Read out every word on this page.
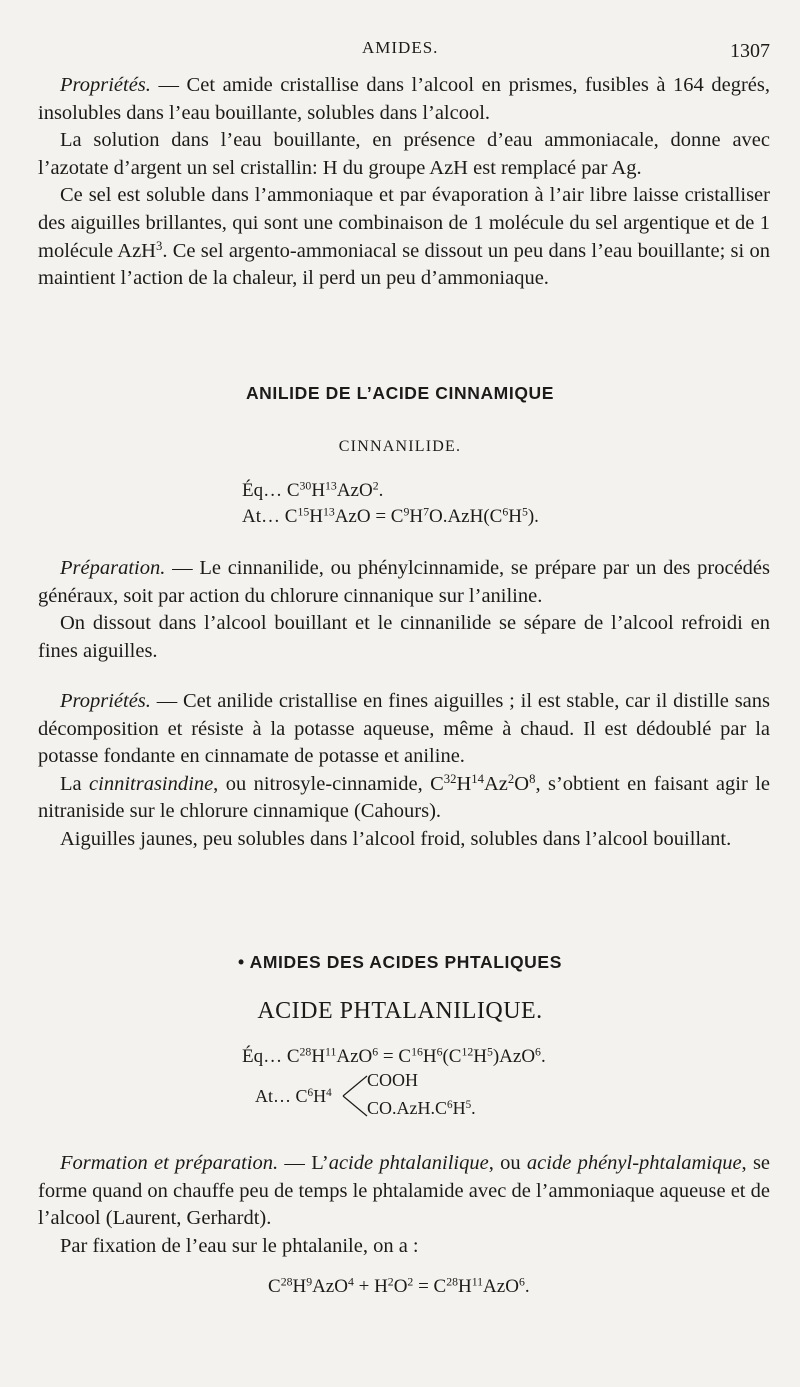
AMIDES.	1307

Propriétés. — Cet amide cristallise dans l’alcool en prismes, fusibles à 164 degrés, insolubles dans l’eau bouillante, solubles dans l’alcool.

La solution dans l’eau bouillante, en présence d’eau ammoniacale, donne avec l’azotate d’argent un sel cristallin: H du groupe AzH est remplacé par Ag.

Ce sel est soluble dans l’ammoniaque et par évaporation à l’air libre laisse cristalliser des aiguilles brillantes, qui sont une combinaison de 1 molécule du sel argentique et de 1 molécule AzH$^3$. Ce sel argento-ammoniacal se dissout un peu dans l’eau bouillante; si on maintient l’action de la chaleur, il perd un peu d’ammoniaque.

ANILIDE DE L’ACIDE CINNAMIQUE
CINNANILIDE.
Éq… $C^{30}H^{13}AzO^2$.
At… $C^{15}H^{13}AzO = C^9H^7O.AzH(C^6H^5)$.

Préparation. — Le cinnanilide, ou phénylcinnamide, se prépare par un des procédés généraux, soit par action du chlorure cinnanique sur l’aniline.

On dissout dans l’alcool bouillant et le cinnanilide se sépare de l’alcool refroidi en fines aiguilles.

Propriétés. — Cet anilide cristallise en fines aiguilles ; il est stable, car il distille sans décomposition et résiste à la potasse aqueuse, même à chaud. Il est dédoublé par la potasse fondante en cinnamate de potasse et aniline.

La cinnitrasindine, ou nitrosyle-cinnamide, $C^{32}H^{14}Az^2O^8$, s’obtient en faisant agir le nitraniside sur le chlorure cinnamique (Cahours).

Aiguilles jaunes, peu solubles dans l’alcool froid, solubles dans l’alcool bouillant.

• AMIDES DES ACIDES PHTALIQUES
ACIDE PHTALANILIQUE.
Éq… $C^{28}H^{11}AzO^6 = C^{16}H^6(C^{12}H^5)AzO^6$.
At… $C^6H^4$
COOH
$CO.AzH.C^6H^5$.

Formation et préparation. — L’acide phtalanilique, ou acide phényl-phtalamique, se forme quand on chauffe peu de temps le phtalamide avec de l’ammoniaque aqueuse et de l’alcool (Laurent, Gerhardt).

Par fixation de l’eau sur le phtalanile, on a :

$C^{28}H^9AzO^4 + H^2O^2 = C^{28}H^{11}AzO^6$.
